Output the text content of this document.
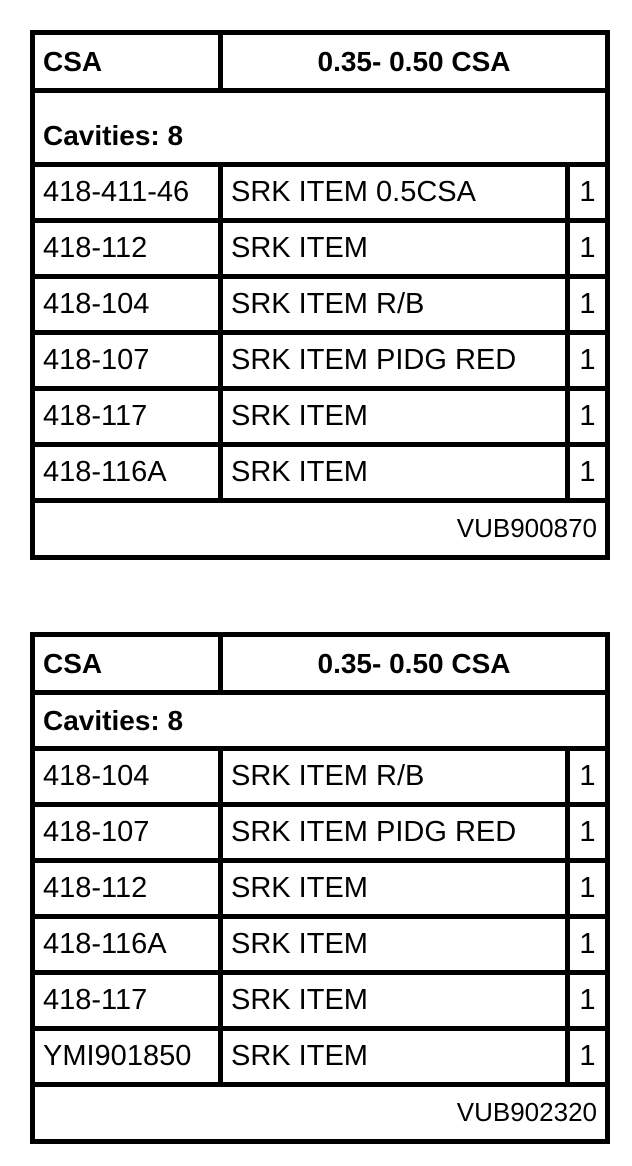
CSA	0.35- 0.50 CSA
Cavities: 8
418-411-46	SRK ITEM 0.5CSA	1
418-112	SRK ITEM	1
418-104	SRK ITEM R/B	1
418-107	SRK ITEM PIDG RED	1
418-117	SRK ITEM	1
418-116A	SRK ITEM	1
VUB900870
CSA	0.35- 0.50 CSA
Cavities: 8
418-104	SRK ITEM R/B	1
418-107	SRK ITEM PIDG RED	1
418-112	SRK ITEM	1
418-116A	SRK ITEM	1
418-117	SRK ITEM	1
YMI901850	SRK ITEM	1
VUB902320
